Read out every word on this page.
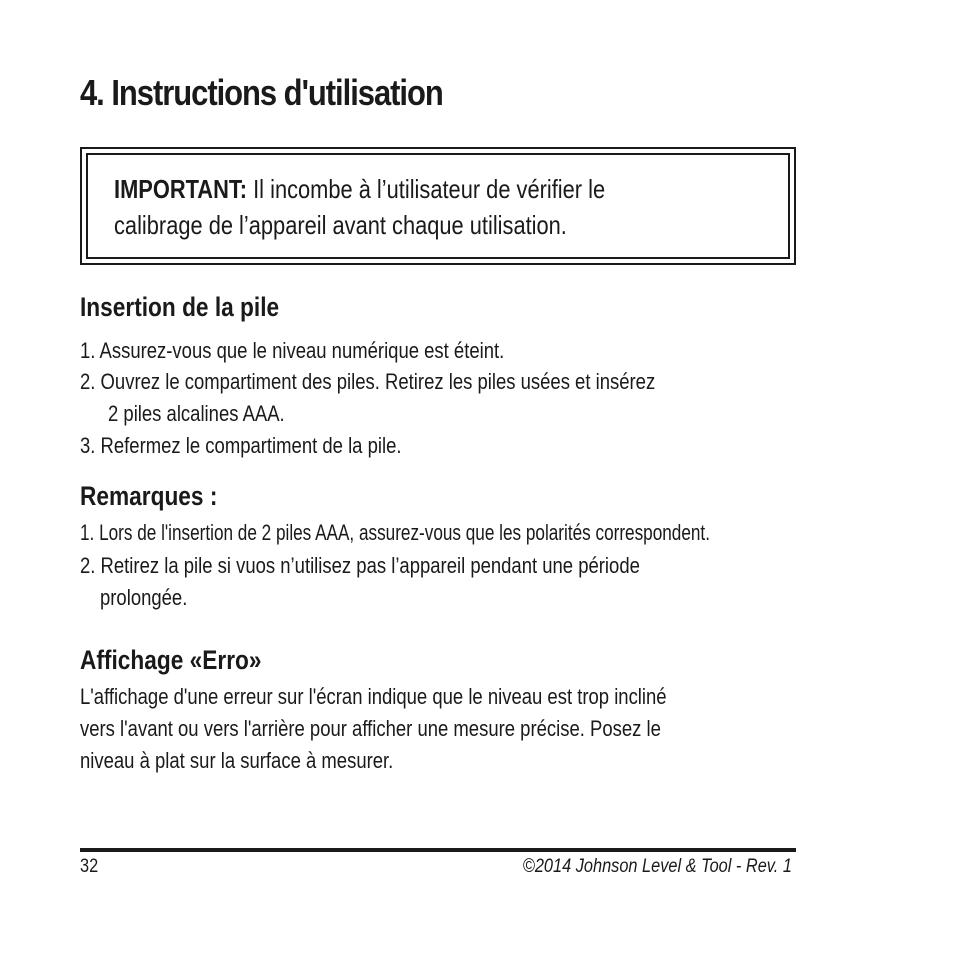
4. Instructions d'utilisation
IMPORTANT: Il incombe à l’utilisateur de vérifier le
calibrage de l’appareil avant chaque utilisation.
Insertion de la pile
1. Assurez-vous que le niveau numérique est éteint.
2. Ouvrez le compartiment des piles. Retirez les piles usées et insérez
2 piles alcalines AAA.
3. Refermez le compartiment de la pile.
Remarques :
1. Lors de l'insertion de 2 piles AAA, assurez-vous que les polarités correspondent.
2. Retirez la pile si vuos n’utilisez pas l’appareil pendant une période
prolongée.
Affichage «Erro»
L'affichage d'une erreur sur l'écran indique que le niveau est trop incliné
vers l'avant ou vers l'arrière pour afficher une mesure précise. Posez le
niveau à plat sur la surface à mesurer.
32	©2014 Johnson Level & Tool - Rev. 1
